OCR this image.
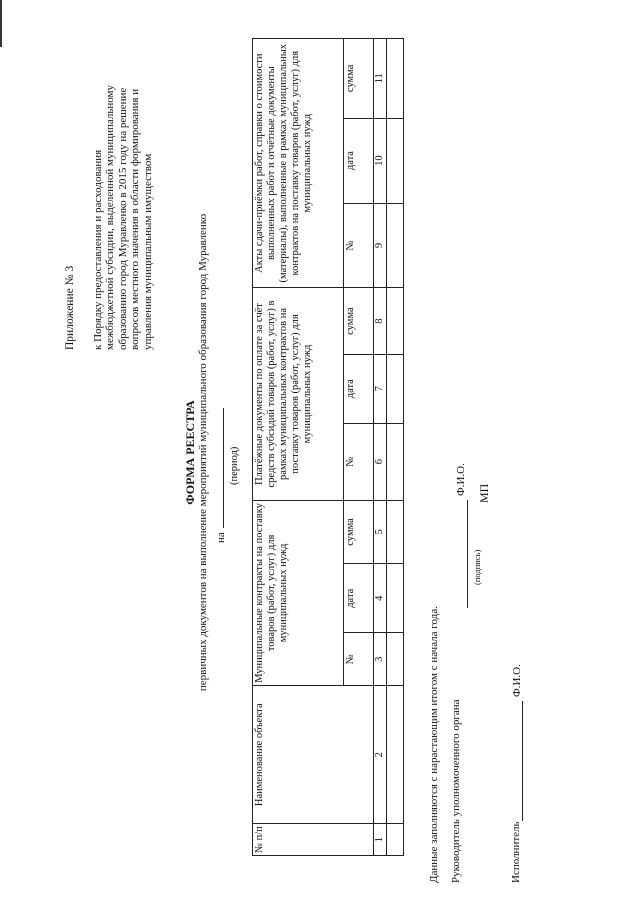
Приложение № 3 к Порядку предоставления и расходования межбюджетной субсидии, выделенной муниципальному образованию город Муравленко в 2015 году на решение вопросов местного значения в области формирования и управления муниципальным имуществом
ФОРМА РЕЕСТРА первичных документов на выполнение мероприятий муниципального образования город Муравленко на
(период)
№ п/п	Наименование объекта	Муниципальные контракты на поставку товаров (работ, услуг) для муниципальных нужд			Платёжные документы по оплате за счёт средств субсидий товаров (работ, услуг) в рамках муниципальных контрактов на поставку товаров (работ, услуг) для муниципальных нужд			Акты сдачи-приёмки работ, справки о стоимости выполненных работ и отчётные документы (материалы), выполненные в рамках муниципальных контрактов на поставку товаров (работ, услуг) для муниципальных нужд		
		№	дата	сумма	№	дата	сумма	№	дата	сумма
1	2	3	4	5	6	7	8	9	10	11

Данные заполняются с нарастающим итогом с начала года. Руководитель уполномоченного органа
Ф.И.О.
(подпись)
МП
Исполнитель
Ф.И.О.
